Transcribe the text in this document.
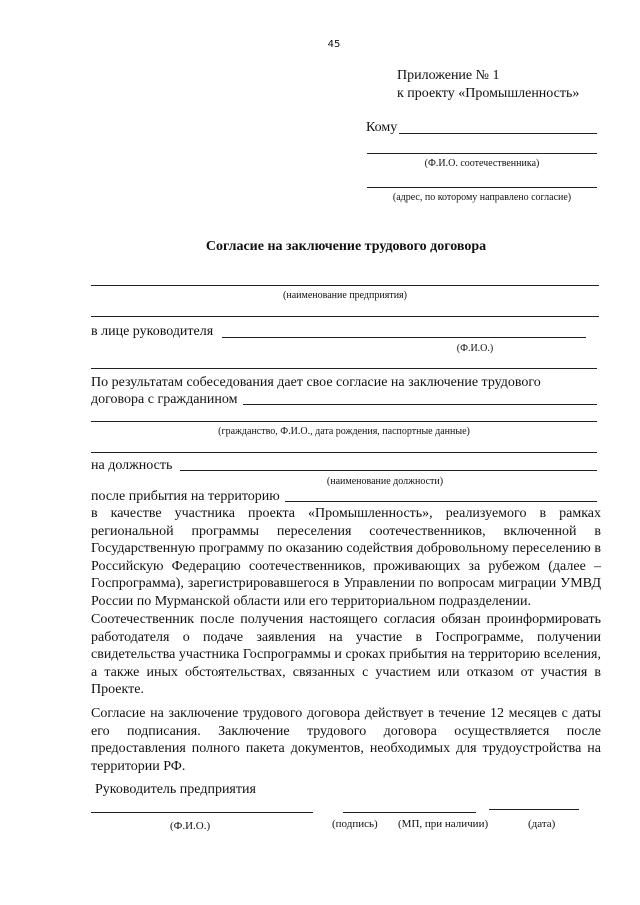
45
Приложение № 1
к проекту «Промышленность»
Кому
(Ф.И.О. соотечественника)
(адрес, по которому направлено согласие)
Согласие на заключение трудового договора
(наименование предприятия)
в лице руководителя
(Ф.И.О.)
По результатам собеседования дает свое согласие на заключение трудового
договора с гражданином
(гражданство, Ф.И.О., дата рождения, паспортные данные)
на должность
(наименование должности)
после прибытия на территорию
в качестве участника проекта «Промышленность», реализуемого в рамках региональной программы переселения соотечественников, включенной в Государственную программу по оказанию содействия добровольному переселению в Российскую Федерацию соотечественников, проживающих за рубежом (далее – Госпрограмма), зарегистрировавшегося в Управлении по вопросам миграции УМВД России по Мурманской области или его территориальном подразделении.
Соотечественник после получения настоящего согласия обязан проинформировать работодателя о подаче заявления на участие в Госпрограмме, получении свидетельства участника Госпрограммы и сроках прибытия на территорию вселения, а также иных обстоятельствах, связанных с участием или отказом от участия в Проекте.
Согласие на заключение трудового договора действует в течение 12 месяцев с даты его подписания. Заключение трудового договора осуществляется после предоставления полного пакета документов, необходимых для трудоустройства на территории РФ.
Руководитель предприятия
(Ф.И.О.)	(подпись) (МП, при наличии)	(дата)
